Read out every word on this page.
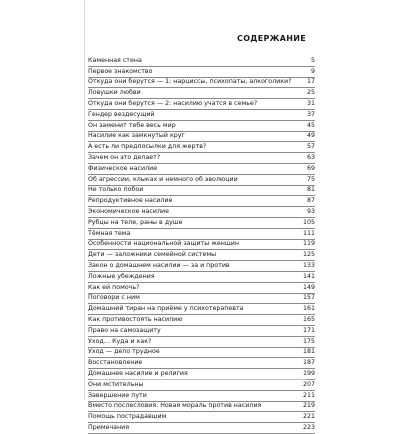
СОДЕРЖАНИЕ
Каменная стена	5
Первое знакомство	9
Откуда они берутся — 1: нарциссы, психопаты, алкоголики? 17
Ловушки любви	25
Откуда они берутся — 2: насилию учатся в семье?	31
Гендер вездесущий	37
Он заменит тебе весь мир	45
Насилие как замкнутый круг	49
А есть ли предпосылки для жертв?	57
Зачем он это делает?	63
Физическое насилие	69
Об агрессии, клыках и немного об эволюции	75
Не только побои	81
Репродуктивное насилие	87
Экономическое насилие	93
Рубцы на теле, раны в душе	105
Тёмная тема	111
Особенности национальной защиты женщин	119
Дети — заложники семейной системы	125
Закон о домашнем насилии — за и против	133
Ложные убеждения	141
Как ей помочь?	149
Поговори с ним	157
Домашний тиран на приёме у психотерапевта	161
Как противостоять насилию	165
Право на самозащиту	171
Уход… Куда и как?	175
Уход — дело трудное	181
Восстановление	187
Домашнее насилие и религия	199
Они мстительны	207
Завершение пути	211
Вместо послесловия. Новая мораль против насилия	219
Помощь пострадавшим	221
Примечания	223
